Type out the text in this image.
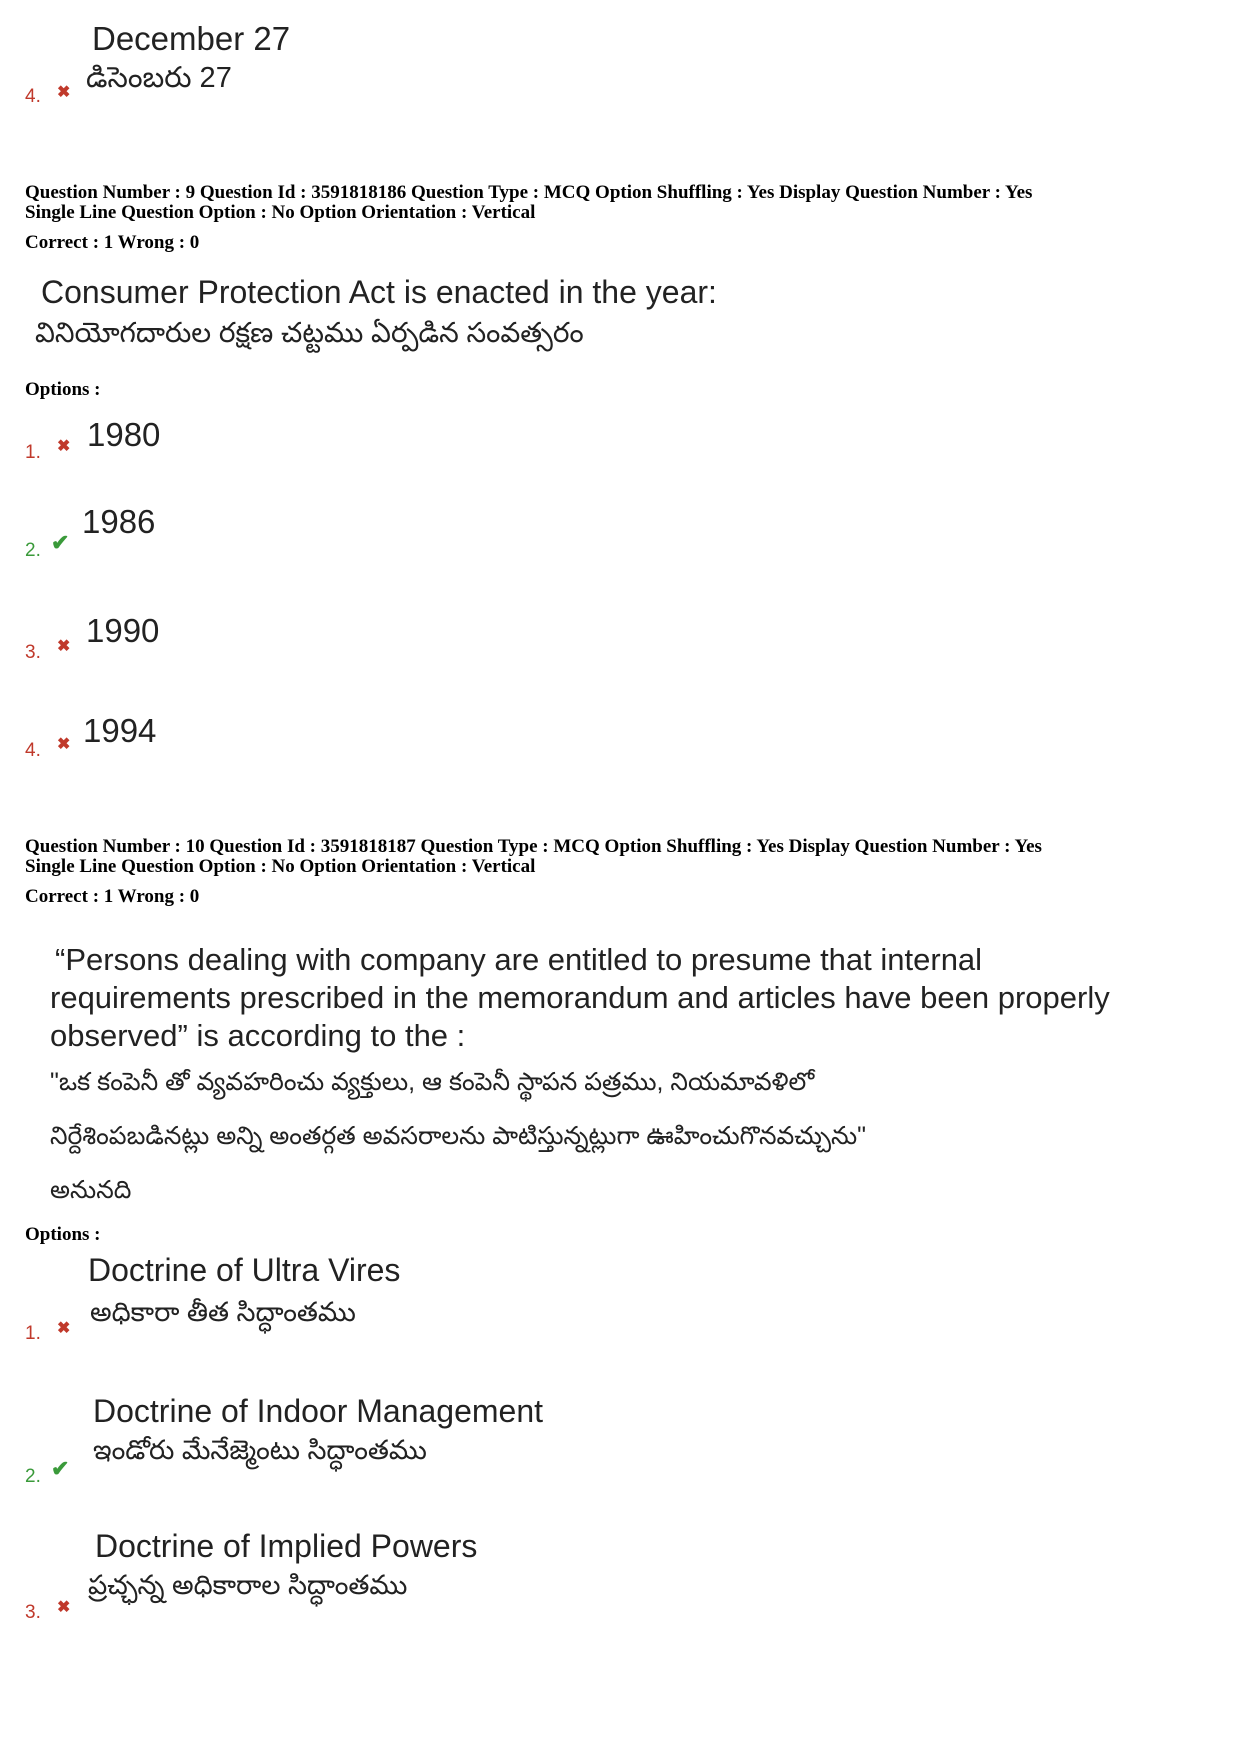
December 27
డిసెంబరు 27
4. ✖
Question Number : 9 Question Id : 3591818186 Question Type : MCQ Option Shuffling : Yes Display Question Number : Yes
Single Line Question Option : No Option Orientation : Vertical
Correct : 1 Wrong : 0
Consumer Protection Act is enacted in the year:
వినియోగదారుల రక్షణ చట్టము ఏర్పడిన సంవత్సరం
Options :
1. ✖ 1980
2. ✔
1986
3. ✖ 1990
4. ✖ 1994
Question Number : 10 Question Id : 3591818187 Question Type : MCQ Option Shuffling : Yes Display Question Number : Yes
Single Line Question Option : No Option Orientation : Vertical
Correct : 1 Wrong : 0
“Persons dealing with company are entitled to presume that internal
requirements prescribed in the memorandum and articles have been properly
observed” is according to the :
"ఒక కంపెనీ తో వ్యవహరించు వ్యక్తులు, ఆ కంపెనీ స్థాపన పత్రము, నియమావళిలో
నిర్దేశింపబడినట్లు అన్ని అంతర్గత అవసరాలను పాటిస్తున్నట్లుగా ఊహించుగొనవచ్చును"
అనునది
Options :
Doctrine of Ultra Vires
అధికారా తీత సిద్ధాంతము
1. ✖
Doctrine of Indoor Management
ఇండోరు మేనేజ్మెంటు సిద్ధాంతము
2. ✔
Doctrine of Implied Powers
ప్రచ్ఛన్న అధికారాల సిద్ధాంతము
3. ✖
